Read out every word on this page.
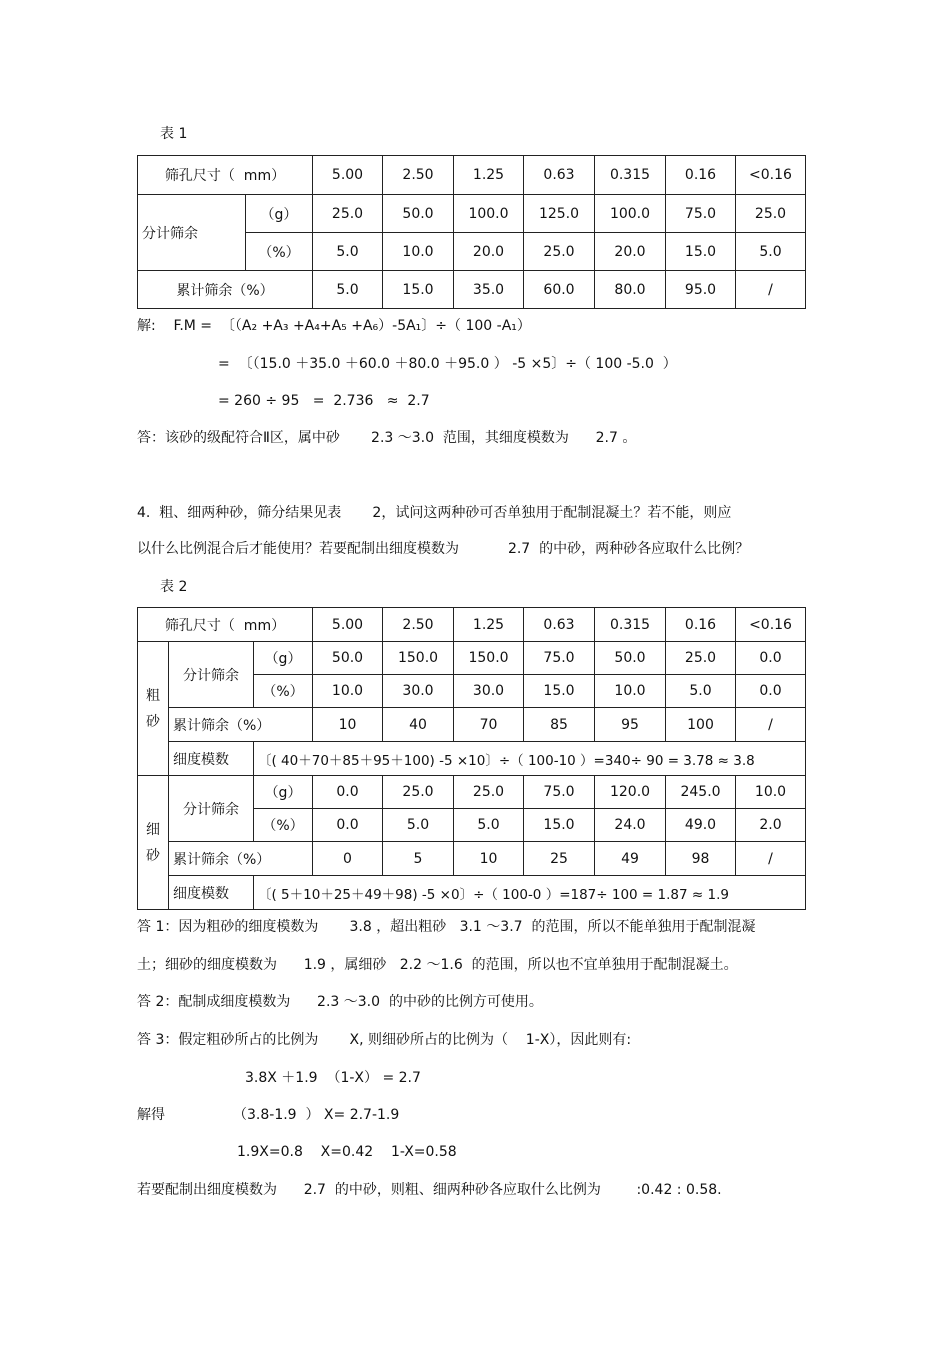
表 1
筛孔尺寸（  mm）		5.00	2.50	1.25	0.63	0.315	0.16	<0.16
分计筛余	（g）	25.0	50.0	100.0	125.0	100.0	75.0	25.0
	（%）	5.0	10.0	20.0	25.0	20.0	15.0	5.0
累计筛余（%）		5.0	15.0	35.0	60.0	80.0	95.0	/
解:    F.M =  〔（A₂ +A₃ +A₄+A₅ +A₆）-5A₁〕÷（ 100 -A₁）
=  〔（15.0 ＋35.0 ＋60.0 ＋80.0 ＋95.0 ） -5 ×5〕÷（ 100 -5.0  ）
= 260 ÷ 95   =  2.736   ≈  2.7
答：该砂的级配符合Ⅱ区，属中砂       2.3 ～3.0  范围，其细度模数为      2.7 。
4.  粗、细两种砂，筛分结果见表       2，试问这两种砂可否单独用于配制混凝土？若不能，则应
以什么比例混合后才能使用？若要配制出细度模数为           2.7  的中砂，两种砂各应取什么比例？
表 2
筛孔尺寸（  mm）			5.00	2.50	1.25	0.63	0.315	0.16	<0.16
粗
砂	分计筛余	（g）	50.0	150.0	150.0	75.0	50.0	25.0	0.0
		（%）	10.0	30.0	30.0	15.0	10.0	5.0	0.0
	累计筛余（%）		10	40	70	85	95	100	/
	细度模数	〔( 40＋70＋85＋95＋100) -5 ×10〕÷（ 100-10 ）=340÷ 90 = 3.78 ≈ 3.8							
细
砂	分计筛余	（g）	0.0	25.0	25.0	75.0	120.0	245.0	10.0
		（%）	0.0	5.0	5.0	15.0	24.0	49.0	2.0
	累计筛余（%）		0	5	10	25	49	98	/
	细度模数	〔( 5＋10＋25＋49＋98) -5 ×0〕÷（ 100-0 ）=187÷ 100 = 1.87 ≈ 1.9							
答 1：因为粗砂的细度模数为       3.8 ，超出粗砂   3.1 ～3.7  的范围，所以不能单独用于配制混凝
土；细砂的细度模数为      1.9 ，属细砂   2.2 ～1.6  的范围，所以也不宜单独用于配制混凝土。
答 2：配制成细度模数为      2.3 ～3.0  的中砂的比例方可使用。
答 3：假定粗砂所占的比例为       X, 则细砂所占的比例为（    1-X），因此则有:
3.8X ＋1.9  （1-X） = 2.7
解得	（3.8-1.9  ） X= 2.7-1.9
1.9X=0.8    X=0.42    1-X=0.58
若要配制出细度模数为      2.7  的中砂，则粗、细两种砂各应取什么比例为        :0.42 : 0.58.
